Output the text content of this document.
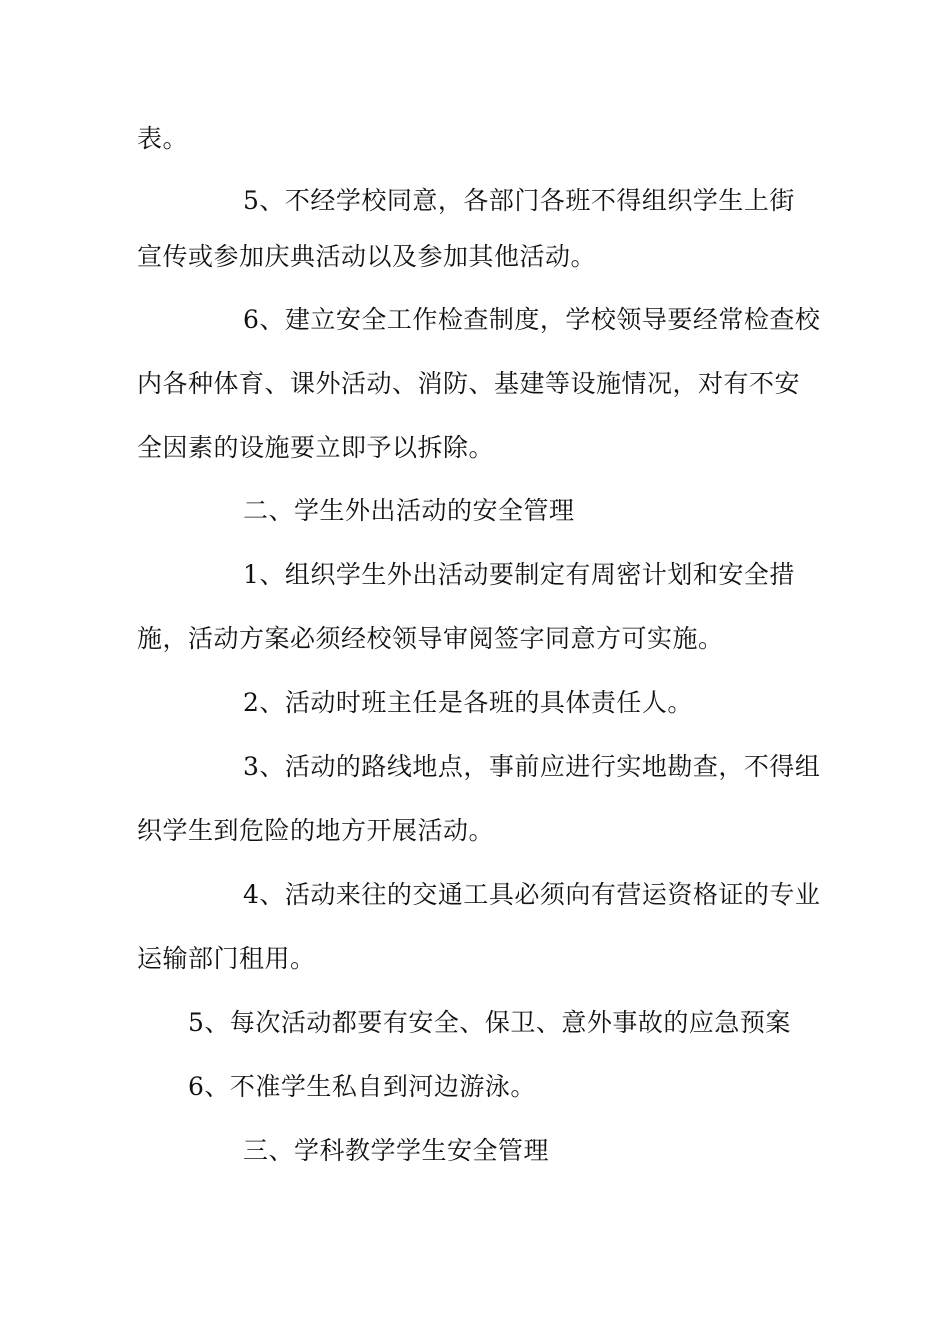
表。
5、不经学校同意，各部门各班不得组织学生上街
宣传或参加庆典活动以及参加其他活动。
6、建立安全工作检查制度，学校领导要经常检查校
内各种体育、课外活动、消防、基建等设施情况，对有不安
全因素的设施要立即予以拆除。
二、学生外出活动的安全管理
1、组织学生外出活动要制定有周密计划和安全措
施，活动方案必须经校领导审阅签字同意方可实施。
2、活动时班主任是各班的具体责任人。
3、活动的路线地点，事前应进行实地勘查，不得组
织学生到危险的地方开展活动。
4、活动来往的交通工具必须向有营运资格证的专业
运输部门租用。
5、每次活动都要有安全、保卫、意外事故的应急预案
6、不准学生私自到河边游泳。
三、学科教学学生安全管理
